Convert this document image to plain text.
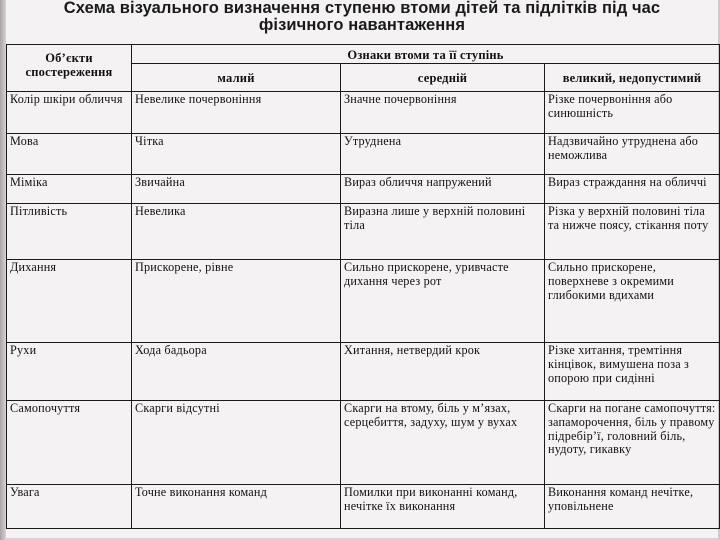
Схема візуального визначення ступеню втоми дітей та підлітків під час
фізичного навантаження
Об’єкти спостереження	Ознаки втоми та її ступінь		
	малий	середній	великий, недопустимий
Колір шкіри обличчя	Невелике почервоніння	Значне почервоніння	Різке почервоніння або синюшність
Мова	Чітка	Утруднена	Надзвичайно утруднена або неможлива
Міміка	Звичайна	Вираз обличчя напружений	Вираз страждання на обличчі
Пітливість	Невелика	Виразна лише у верхній половині тіла	Різка у верхній половині тіла та нижче поясу, стікання поту
Дихання	Прискорене, рівне	Сильно прискорене, уривчасте дихання через рот	Сильно прискорене, поверхневе з окремими глибокими вдихами
Рухи	Хода бадьора	Хитання, нетвердий крок	Різке хитання, тремтіння кінцівок, вимушена поза з опорою при сидінні
Самопочуття	Скарги відсутні	Скарги на втому, біль у м’язах, серцебиття, задуху, шум у вухах	Скарги на погане самопочуття: запаморочення, біль у правому підребір’ї, головний біль, нудоту, гикавку
Увага	Точне виконання команд	Помилки при виконанні команд, нечітке їх виконання	Виконання команд нечітке, уповільнене
